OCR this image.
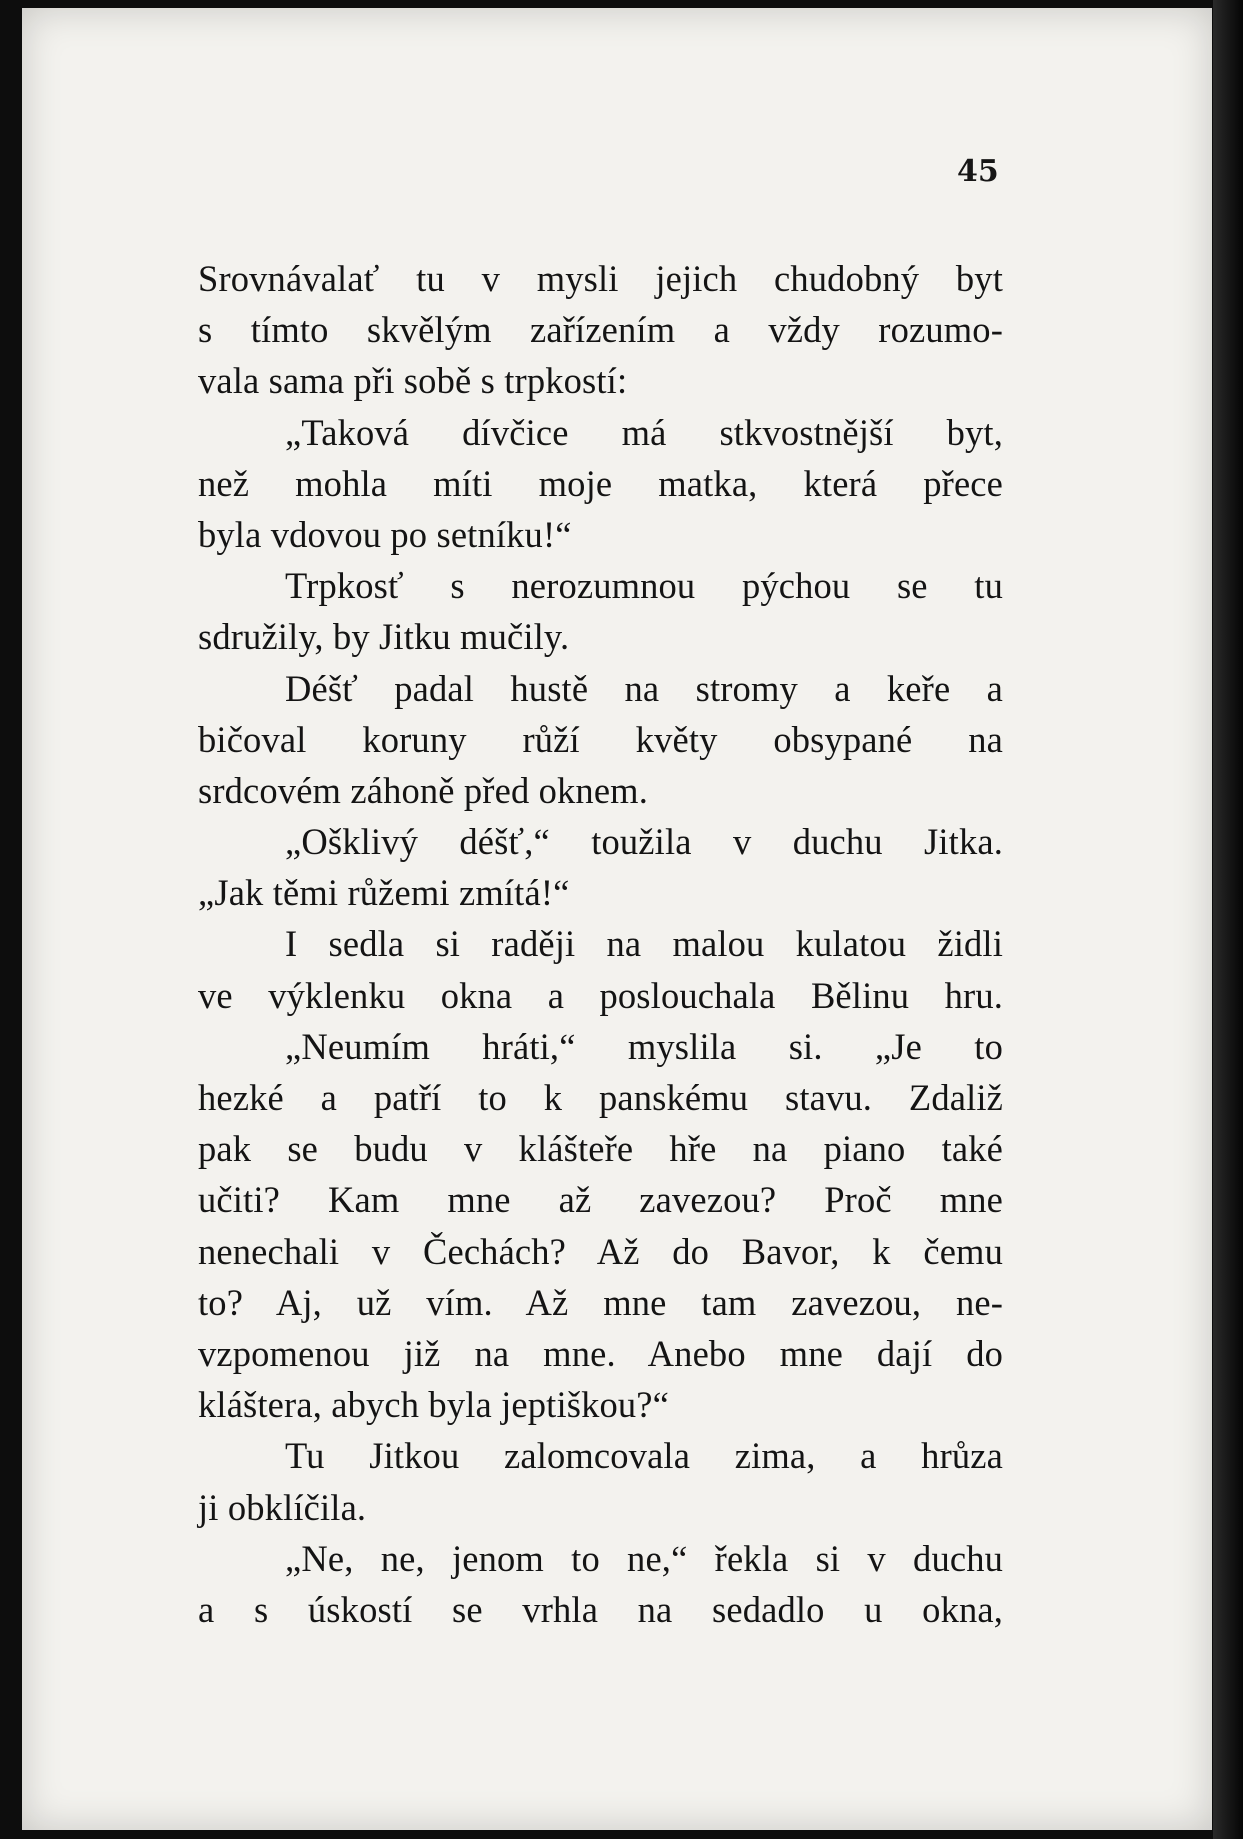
45

Srovnávalať tu v mysli jejich chudobný byt
s tímto skvělým zařízením a vždy rozumo-
vala sama při sobě s trpkostí:
„Taková dívčice má stkvostnější byt,
než mohla míti moje matka, která přece
byla vdovou po setníku!“
Trpkosť s nerozumnou pýchou se tu
sdružily, by Jitku mučily.
Déšť padal hustě na stromy a keře a
bičoval koruny růží květy obsypané na
srdcovém záhoně před oknem.
„Ošklivý déšť,“ toužila v duchu Jitka.
„Jak těmi růžemi zmítá!“
I sedla si raději na malou kulatou židli
ve výklenku okna a poslouchala Bělinu hru.
„Neumím hráti,“ myslila si. „Je to
hezké a patří to k panskému stavu. Zdaliž
pak se budu v klášteře hře na piano také
učiti? Kam mne až zavezou? Proč mne
nenechali v Čechách? Až do Bavor, k čemu
to? Aj, už vím. Až mne tam zavezou, ne-
vzpomenou již na mne. Anebo mne dají do
kláštera, abych byla jeptiškou?“
Tu Jitkou zalomcovala zima, a hrůza
ji obklíčila.
„Ne, ne, jenom to ne,“ řekla si v duchu
a s úskostí se vrhla na sedadlo u okna,
